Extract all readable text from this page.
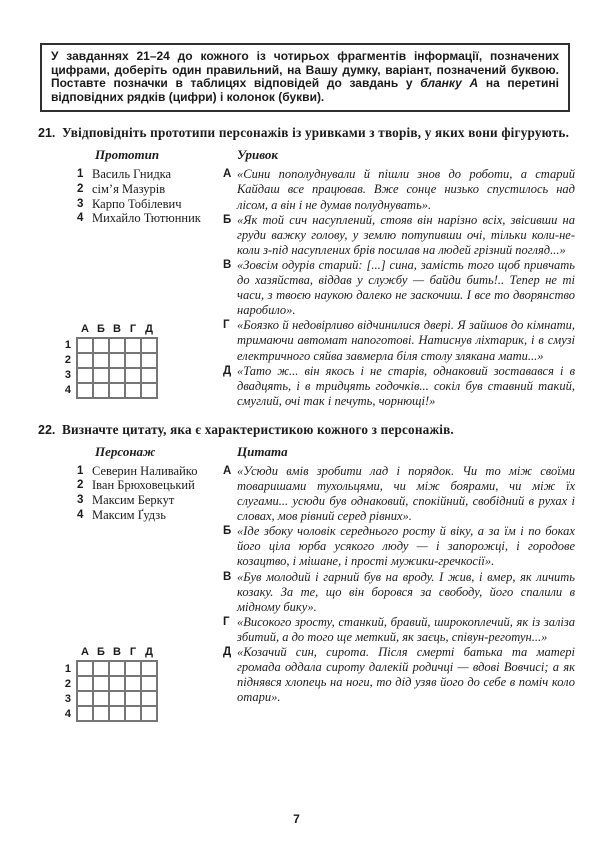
У завданнях 21–24 до кожного із чотирьох фрагментів інформації, позначених цифрами, доберіть один правильний, на Вашу думку, варіант, позначений буквою. Поставте позначки в таблицях відповідей до завдань у бланку А на перетині відповідних рядків (цифри) і колонок (букви).

21. Увідповідніть прототипи персонажів із уривками з творів, у яких вони фігурують.
Прототип
1 Василь Гнидка
2 сім’я Мазурів
3 Карпо Тобілевич
4 Михайло Тютюнник
	А	Б	В	Г	Д
1					
2					
3					
4					
Уривок
А «Сини пополуднували й пішли знов до роботи, а старий Кайдаш все працював. Вже сонце низько спустилось над лісом, а він і не думав полуднувать».
Б «Як той сич насуплений, стояв він нарізно всіх, звісивши на груди важку голову, у землю потупивши очі, тільки коли-не-коли з-під насуплених брів посилав на людей грізний погляд...»
В «Зовсім одурів старий: [...] сина, замість того щоб привчать до хазяйства, віддав у службу — байди бить!.. Тепер не ті часи, з твоєю наукою далеко не заскочиш. І все то дворянство наробило».
Г «Боязко й недовірливо відчинилися двері. Я зайшов до кімнати, тримаючи автомат напоготові. Натиснув ліхтарик, і в смузі електричного сяйва завмерла біля столу злякана мати...»
Д «Тато ж... він якось і не старів, однаковий зоставався і в двадцять, і в тридцять годочків... сокіл був ставний такий, смуглий, очі так і печуть, чорнющі!»
22. Визначте цитату, яка є характеристикою кожного з персонажів.
Персонаж
1 Северин Наливайко
2 Іван Брюховецький
3 Максим Беркут
4 Максим Ґудзь
	А	Б	В	Г	Д
1					
2					
3					
4					
Цитата
А «Усюди вмів зробити лад і порядок. Чи то між своїми товаришами тухольцями, чи між боярами, чи між їх слугами... усюди був однаковий, спокійний, свобідний в рухах і словах, мов рівний серед рівних».
Б «Іде збоку чоловік середнього росту й віку, а за їм і по боках його ціла юрба усякого люду — і запорожці, і городове козацтво, і мішане, і прості мужики-гречкосії».
В «Був молодий і гарний був на вроду. І жив, і вмер, як личить козаку. За те, що він боровся за свободу, його спалили в мідному бику».
Г «Високого зросту, станкий, бравий, широкоплечий, як із заліза збитий, а до того ще меткий, як заєць, співун-реготун...»
Д «Козачий син, сирота. Після смерті батька та матері громада оддала сироту далекій родичці — вдові Вовчисі; а як піднявся хлопець на ноги, то дід узяв його до себе в поміч коло отари».
7
